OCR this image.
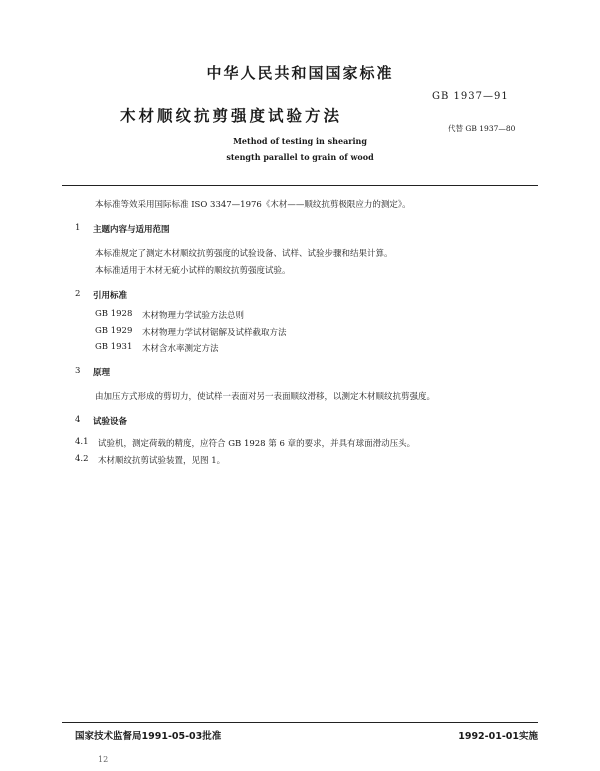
中华人民共和国国家标准
GB 1937—91
木材顺纹抗剪强度试验方法
代替 GB 1937—80
Method of testing in shearing
stength parallel to grain of wood
本标准等效采用国际标准 ISO 3347—1976《木材——顺纹抗剪极限应力的测定》。
1 主题内容与适用范围
本标准规定了测定木材顺纹抗剪强度的试验设备、试样、试验步骤和结果计算。
本标准适用于木材无疵小试样的顺纹抗剪强度试验。
2 引用标准
GB 1928 木材物理力学试验方法总则
GB 1929 木材物理力学试材锯解及试样截取方法
GB 1931 木材含水率测定方法
3 原理
由加压方式形成的剪切力，使试样一表面对另一表面顺纹滑移，以测定木材顺纹抗剪强度。
4 试验设备
4.1 试验机，测定荷载的精度，应符合 GB 1928 第 6 章的要求，并具有球面滑动压头。
4.2 木材顺纹抗剪试验装置，见图 1。
国家技术监督局1991-05-03批准	1992-01-01实施
12
